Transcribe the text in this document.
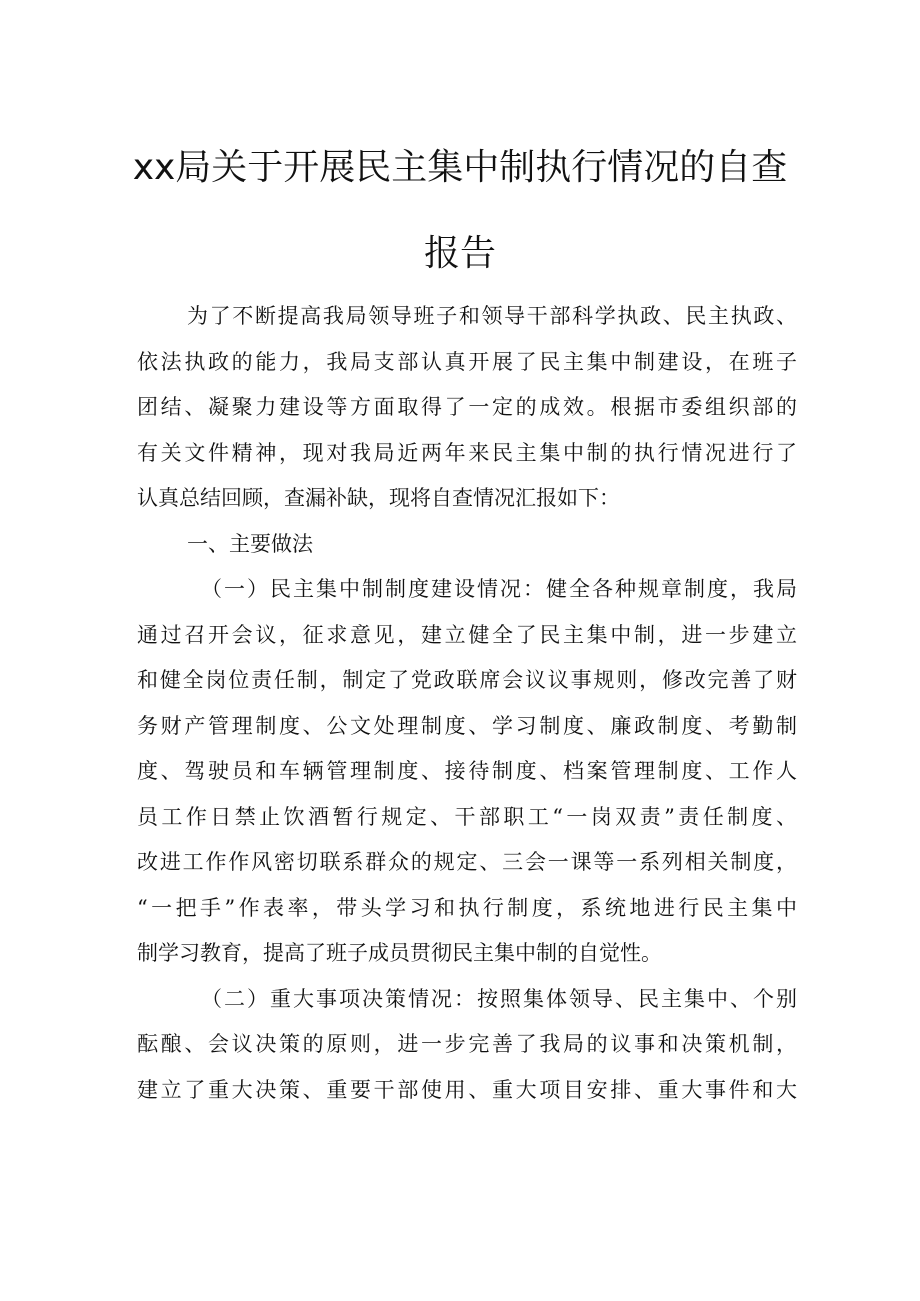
xx局关于开展民主集中制执行情况的自查
报告
为了不断提高我局领导班子和领导干部科学执政、民主执政、
依法执政的能力，我局支部认真开展了民主集中制建设，在班子
团结、凝聚力建设等方面取得了一定的成效。根据市委组织部的
有关文件精神，现对我局近两年来民主集中制的执行情况进行了
认真总结回顾，查漏补缺，现将自查情况汇报如下：
一、主要做法
（一）民主集中制制度建设情况：健全各种规章制度，我局
通过召开会议，征求意见，建立健全了民主集中制，进一步建立
和健全岗位责任制，制定了党政联席会议议事规则，修改完善了财
务财产管理制度、公文处理制度、学习制度、廉政制度、考勤制
度、驾驶员和车辆管理制度、接待制度、档案管理制度、工作人
员工作日禁止饮酒暂行规定、干部职工“一岗双责”责任制度、
改进工作作风密切联系群众的规定、三会一课等一系列相关制度，
“一把手”作表率，带头学习和执行制度，系统地进行民主集中
制学习教育，提高了班子成员贯彻民主集中制的自觉性。
（二）重大事项决策情况：按照集体领导、民主集中、个别
酝酿、会议决策的原则，进一步完善了我局的议事和决策机制，
建立了重大决策、重要干部使用、重大项目安排、重大事件和大
